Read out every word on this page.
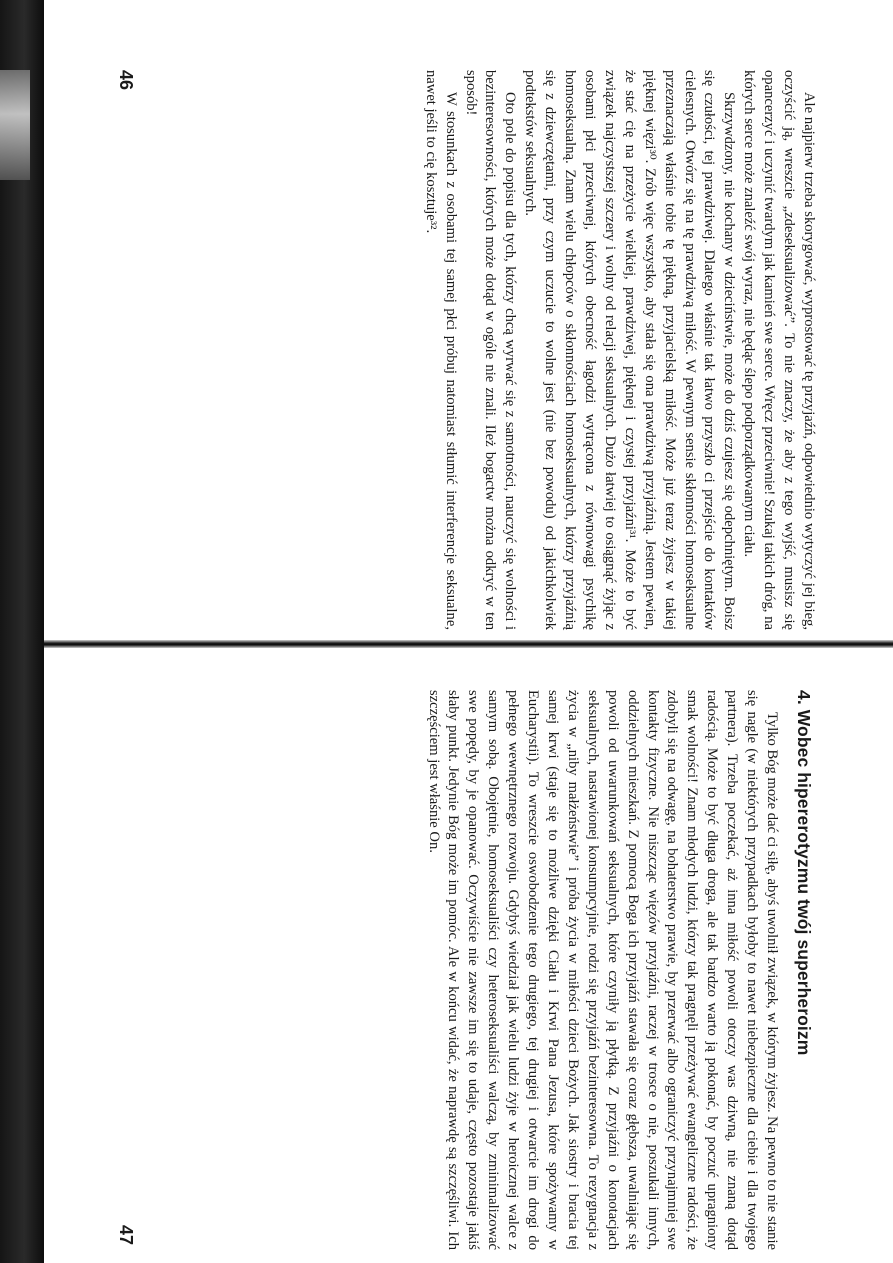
Ale najpierw trzeba skorygować, wyprostować tę przyjaźń, odpowiednio wytyczyć jej bieg, oczyścić ją, wreszcie „zdeseksualizować”. To nie znaczy, że aby z tego wyjść, musisz się opancerzyć i uczynić twardym jak kamień swe serce. Wręcz przeciwnie! Szukaj takich dróg, na których serce może znaleźć swój wyraz, nie będąc ślepo podporządkowanym ciału.

Skrzywdzony, nie kochany w dzieciństwie, może do dziś czujesz się odepchniętym. Boisz się czułości, tej prawdziwej. Dlatego właśnie tak łatwo przyszło ci przejście do kontaktów cielesnych. Otwórz się na tę prawdziwą miłość. W pewnym sensie skłonności homoseksualne przeznaczają właśnie tobie tę piękną, przyjacielską miłość. Może już teraz żyjesz w takiej pięknej więzi³⁰. Zrób więc wszystko, aby stała się ona prawdziwą przyjaźnią. Jestem pewien, że stać cię na przeżycie wielkiej, prawdziwej, pięknej i czystej przyjaźni³¹. Może to być związek najczystszej szczery i wolny od relacji seksualnych. Dużo łatwiej to osiągnąć żyjąc z osobami płci przeciwnej, których obecność łagodzi wytrącona z równowagi psychikę homoseksualną. Znam wielu chłopców o skłonnościach homoseksualnych, którzy przyjaźnią się z dziewczętami, przy czym uczucie to wolne jest (nie bez powodu) od jakichkolwiek podtekstów seksualnych.

Oto pole do popisu dla tych, którzy chcą wyrwać się z samotności, nauczyć się wolności i bezinteresowności, których może dotąd w ogóle nie znali. Ileż bogactw można odkryć w ten sposób!

W stosunkach z osobami tej samej płci próbuj natomiast stłumić interferencje seksualne, nawet jeśli to cię kosztuje³².

46
4. Wobec hipererotyzmu twój superheroizm

Tylko Bóg może dać ci siłę, abyś uwolnił związek, w którym żyjesz. Na pewno to nie stanie się nagle (w niektórych przypadkach byłoby to nawet niebezpieczne dla ciebie i dla twojego partnera). Trzeba poczekać, aż inna miłość powoli otoczy was dziwną, nie znaną dotąd radością. Może to być długa droga, ale tak bardzo warto ją pokonać, by poczuć upragniony smak wolności! Znam młodych ludzi, którzy tak pragnęli przeżywać ewangeliczne radości, że zdobyli się na odwagę, na bohaterstwo prawie, by przerwać albo ograniczyć przynajmniej swe kontakty fizyczne. Nie niszcząc więzów przyjaźni, raczej w trosce o nie, poszukali innych, oddzielnych mieszkań. Z pomocą Boga ich przyjaźń stawała się coraz głębsza, uwalniając się powoli od uwarunkowań seksualnych, które czyniły ją płytką. Z przyjaźni o konotacjach seksualnych, nastawionej konsumpcyjnie, rodzi się przyjaźń bezinteresowna. To rezygnacja z życia w „niby małżeństwie” i próba życia w miłości dzieci Bożych. Jak siostry i bracia tej samej krwi (staje się to możliwe dzięki Ciału i Krwi Pana Jezusa, które spożywamy w Eucharystii). To wreszcie oswobodzenie tego drugiego, tej drugiej i otwarcie im drogi do pełnego wewnętrznego rozwoju. Gdybyś wiedział jak wielu ludzi żyje w heroicznej walce z samym sobą. Obojętnie, homoseksualiści czy heteroseksualiści walczą, by zminimalizować swe popędy, by je opanować. Oczywiście nie zawsze im się to udaje, często pozostaje jakiś słaby punkt. Jedynie Bóg może im pomóc. Ale w końcu widać, że naprawdę są szczęśliwi. Ich szczęściem jest właśnie On.

47
